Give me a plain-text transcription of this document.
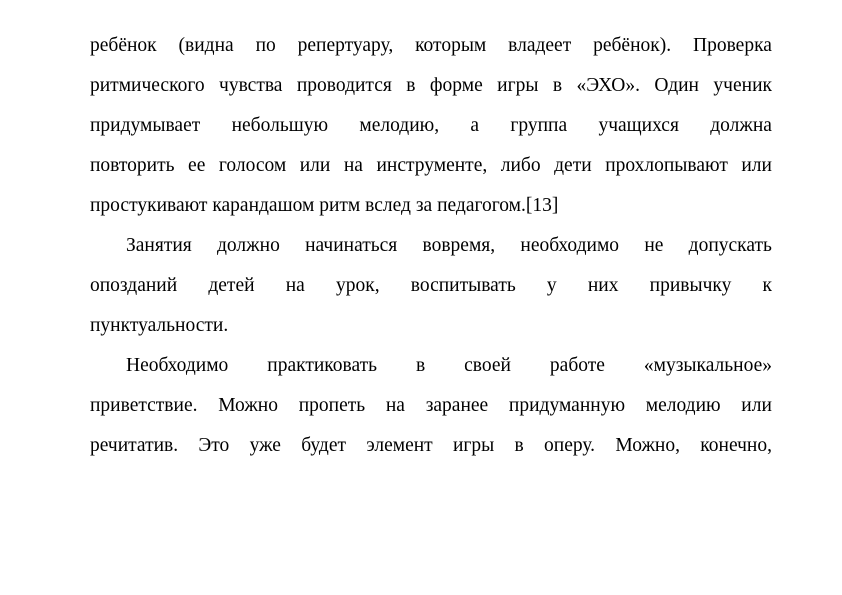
ребёнок (видна по репертуару, которым владеет ребёнок). Проверка
ритмического чувства проводится в форме игры в «ЭХО». Один ученик
придумывает небольшую мелодию, а группа учащихся должна
повторить ее голосом или на инструменте, либо дети прохлопывают или
простукивают
карандашом
ритм
вслед
за
педагогом.[13]
Занятия должно начинаться вовремя, необходимо не допускать
опозданий детей на урок, воспитывать у них привычку к
пунктуальности.
Необходимо практиковать в своей работе «музыкальное»
приветствие. Можно пропеть на заранее придуманную мелодию или
речитатив. Это уже будет элемент игры в оперу. Можно, конечно,
